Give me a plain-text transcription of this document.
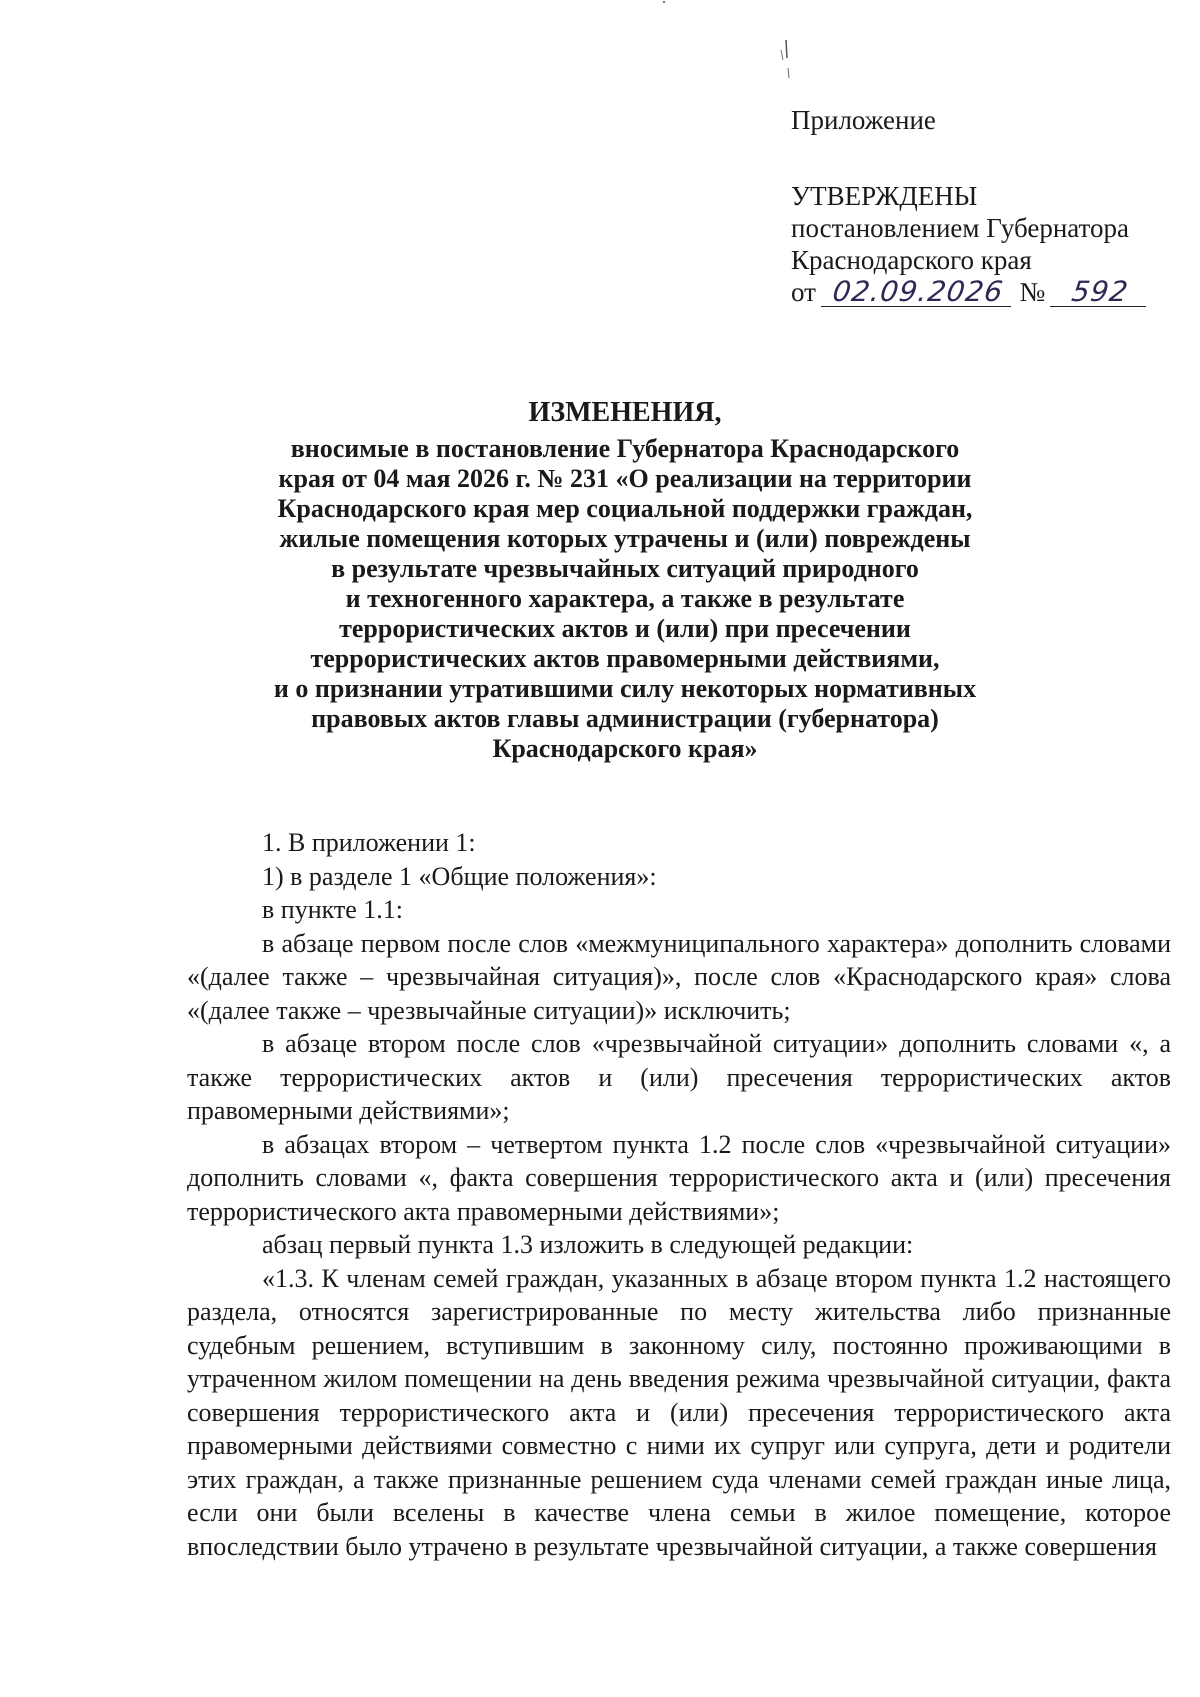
Приложение

УТВЕРЖДЕНЫ

постановлением Губернатора

Краснодарского края

от 02.09.2026 № 592

ИЗМЕНЕНИЯ,

вносимые в постановление Губернатора Краснодарского

края от 04 мая 2026 г. № 231 «О реализации на территории

Краснодарского края мер социальной поддержки граждан,

жилые помещения которых утрачены и (или) повреждены

в результате чрезвычайных ситуаций природного

и техногенного характера, а также в результате

террористических актов и (или) при пресечении

террористических актов правомерными действиями,

и о признании утратившими силу некоторых нормативных

правовых актов главы администрации (губернатора)

Краснодарского края»

1. В приложении 1:

1) в разделе 1 «Общие положения»:

в пункте 1.1:

в абзаце первом после слов «межмуниципального характера» дополнить словами «(далее также – чрезвычайная ситуация)», после слов «Краснодарского края» слова «(далее также – чрезвычайные ситуации)» исключить;

в абзаце втором после слов «чрезвычайной ситуации» дополнить словами «, а также террористических актов и (или) пресечения террористических актов правомерными действиями»;

в абзацах втором – четвертом пункта 1.2 после слов «чрезвычайной ситуации» дополнить словами «, факта совершения террористического акта и (или) пресечения террористического акта правомерными действиями»;

абзац первый пункта 1.3 изложить в следующей редакции:

«1.3. К членам семей граждан, указанных в абзаце втором пункта 1.2 настоящего раздела, относятся зарегистрированные по месту жительства либо признанные судебным решением, вступившим в законному силу, постоянно проживающими в утраченном жилом помещении на день введения режима чрезвычайной ситуации, факта совершения террористического акта и (или) пресечения террористического акта правомерными действиями совместно с ними их супруг или супруга, дети и родители этих граждан, а также признанные решением суда членами семей граждан иные лица, если они были вселены в качестве члена семьи в жилое помещение, которое впоследствии было утрачено в результате чрезвычайной ситуации, а также совершения
